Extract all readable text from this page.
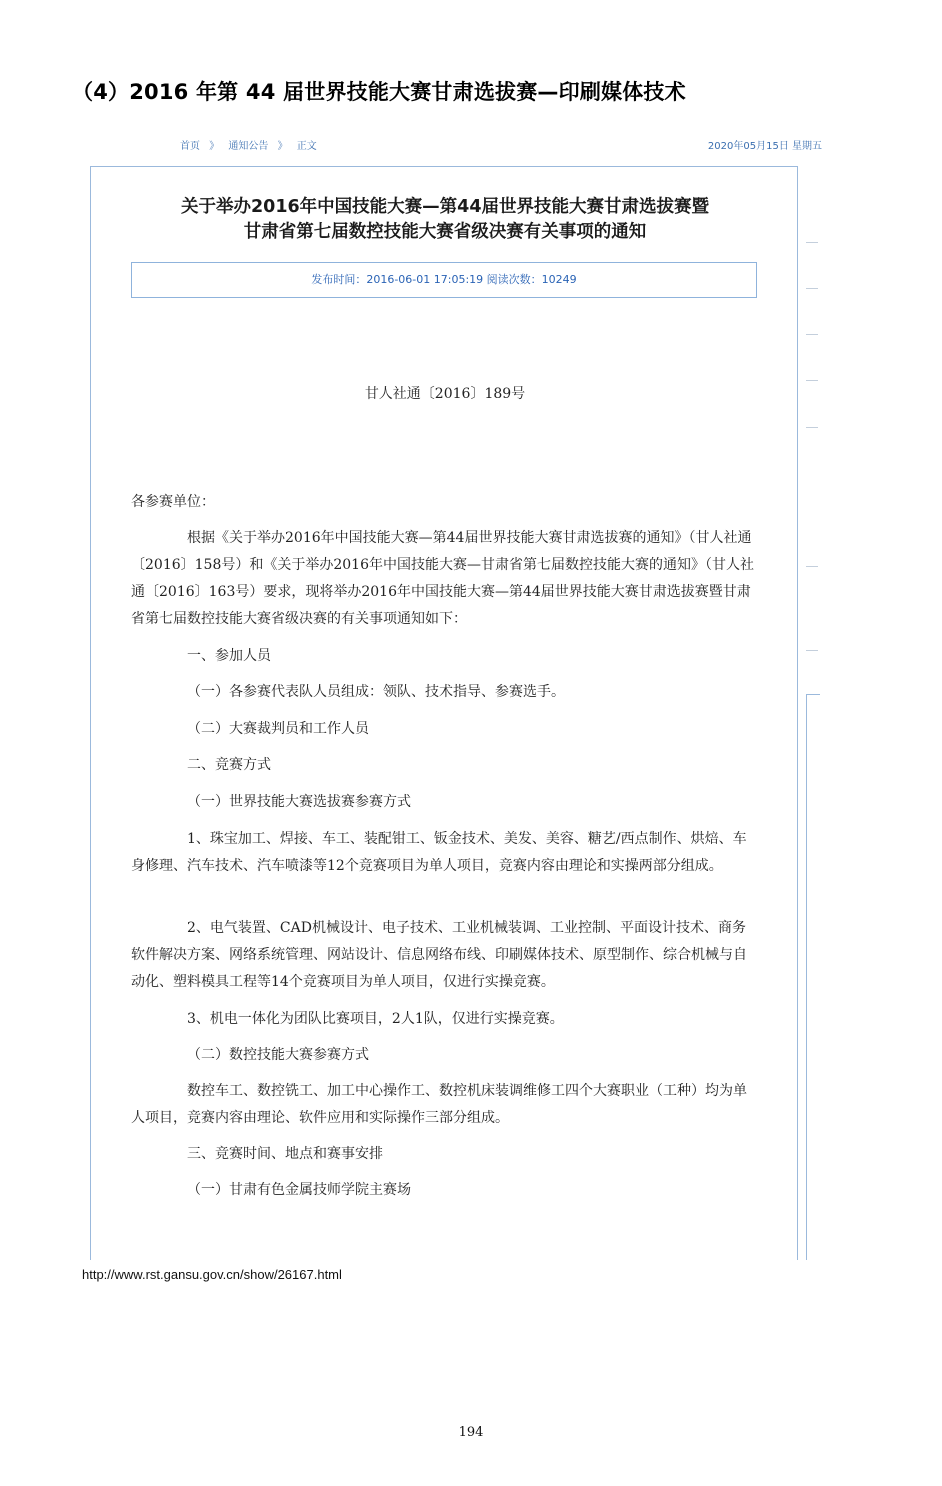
（4）2016 年第 44 届世界技能大赛甘肃选拔赛—印刷媒体技术
首页 》 通知公告 》 正文	2020年05月15日 星期五
关于举办2016年中国技能大赛—第44届世界技能大赛甘肃选拔赛暨
甘肃省第七届数控技能大赛省级决赛有关事项的通知
发布时间：2016-06-01 17:05:19 阅读次数：10249

甘人社通〔2016〕189号

各参赛单位：

根据《关于举办2016年中国技能大赛—第44届世界技能大赛甘肃选拔赛的通知》（甘人社通〔2016〕158号）和《关于举办2016年中国技能大赛—甘肃省第七届数控技能大赛的通知》（甘人社通〔2016〕163号）要求，现将举办2016年中国技能大赛—第44届世界技能大赛甘肃选拔赛暨甘肃省第七届数控技能大赛省级决赛的有关事项通知如下：

一、参加人员

（一）各参赛代表队人员组成：领队、技术指导、参赛选手。

（二）大赛裁判员和工作人员

二、竞赛方式

（一）世界技能大赛选拔赛参赛方式

1、珠宝加工、焊接、车工、装配钳工、钣金技术、美发、美容、糖艺/西点制作、烘焙、车身修理、汽车技术、汽车喷漆等12个竞赛项目为单人项目，竞赛内容由理论和实操两部分组成。

2、电气装置、CAD机械设计、电子技术、工业机械装调、工业控制、平面设计技术、商务软件解决方案、网络系统管理、网站设计、信息网络布线、印刷媒体技术、原型制作、综合机械与自动化、塑料模具工程等14个竞赛项目为单人项目，仅进行实操竞赛。

3、机电一体化为团队比赛项目，2人1队，仅进行实操竞赛。

（二）数控技能大赛参赛方式

数控车工、数控铣工、加工中心操作工、数控机床装调维修工四个大赛职业（工种）均为单人项目，竞赛内容由理论、软件应用和实际操作三部分组成。

三、竞赛时间、地点和赛事安排

（一）甘肃有色金属技师学院主赛场

http://www.rst.gansu.gov.cn/show/26167.html
194
